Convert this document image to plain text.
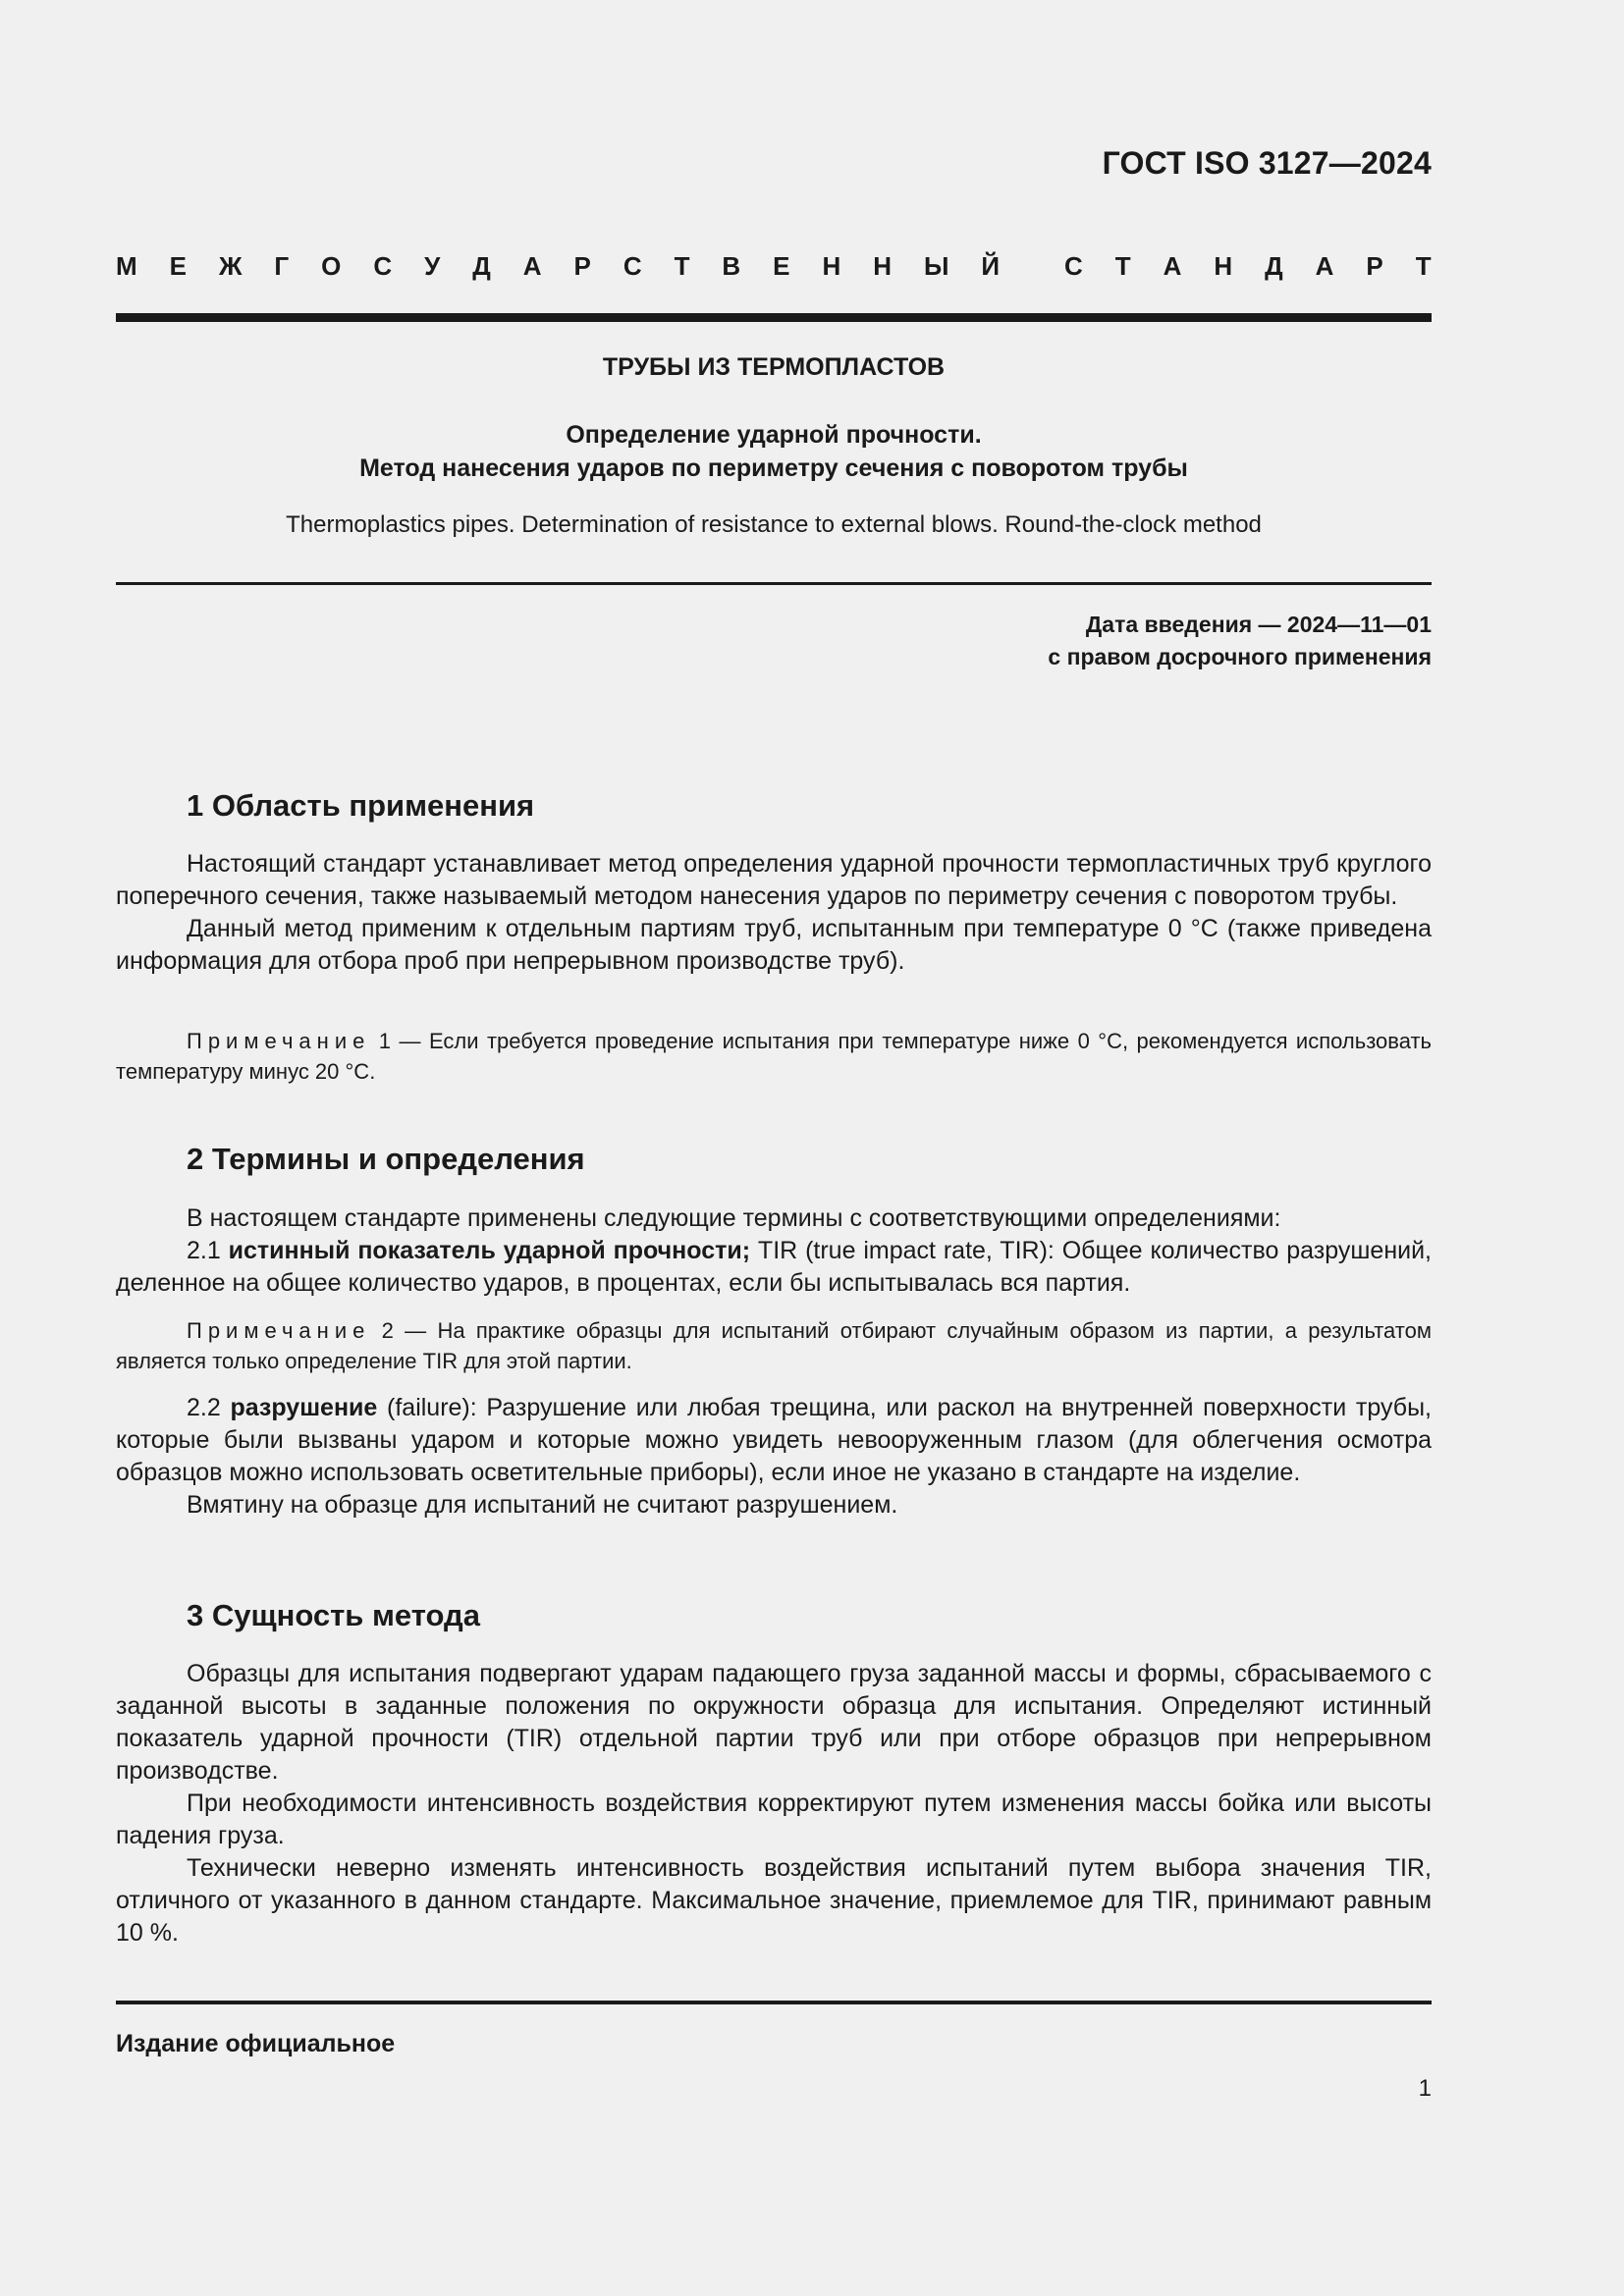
ГОСТ ISO 3127—2024
М Е Ж Г О С У Д А Р С Т В Е Н Н Ы Й	С Т А Н Д А Р Т
ТРУБЫ ИЗ ТЕРМОПЛАСТОВ
Определение ударной прочности.
Метод нанесения ударов по периметру сечения с поворотом трубы
Thermoplastics pipes. Determination of resistance to external blows. Round-the-clock method
Дата введения — 2024—11—01
с правом досрочного применения
1 Область применения

Настоящий стандарт устанавливает метод определения ударной прочности термопластичных труб круглого поперечного сечения, также называемый методом нанесения ударов по периметру сечения с поворотом трубы.

Данный метод применим к отдельным партиям труб, испытанным при температуре 0 °С (также приведена информация для отбора проб при непрерывном производстве труб).

Примечание 1 — Если требуется проведение испытания при температуре ниже 0 °С, рекомендуется использовать температуру минус 20 °С.

2 Термины и определения

В настоящем стандарте применены следующие термины с соответствующими определениями:

2.1 истинный показатель ударной прочности; TIR (true impact rate, TIR): Общее количество разрушений, деленное на общее количество ударов, в процентах, если бы испытывалась вся партия.

Примечание 2 — На практике образцы для испытаний отбирают случайным образом из партии, а результатом является только определение TIR для этой партии.

2.2 разрушение (failure): Разрушение или любая трещина, или раскол на внутренней поверхности трубы, которые были вызваны ударом и которые можно увидеть невооруженным глазом (для облегчения осмотра образцов можно использовать осветительные приборы), если иное не указано в стандарте на изделие.

Вмятину на образце для испытаний не считают разрушением.

3 Сущность метода

Образцы для испытания подвергают ударам падающего груза заданной массы и формы, сбрасываемого с заданной высоты в заданные положения по окружности образца для испытания. Определяют истинный показатель ударной прочности (TIR) отдельной партии труб или при отборе образцов при непрерывном производстве.

При необходимости интенсивность воздействия корректируют путем изменения массы бойка или высоты падения груза.

Технически неверно изменять интенсивность воздействия испытаний путем выбора значения TIR, отличного от указанного в данном стандарте. Максимальное значение, приемлемое для TIR, принимают равным 10 %.

Издание официальное
1
